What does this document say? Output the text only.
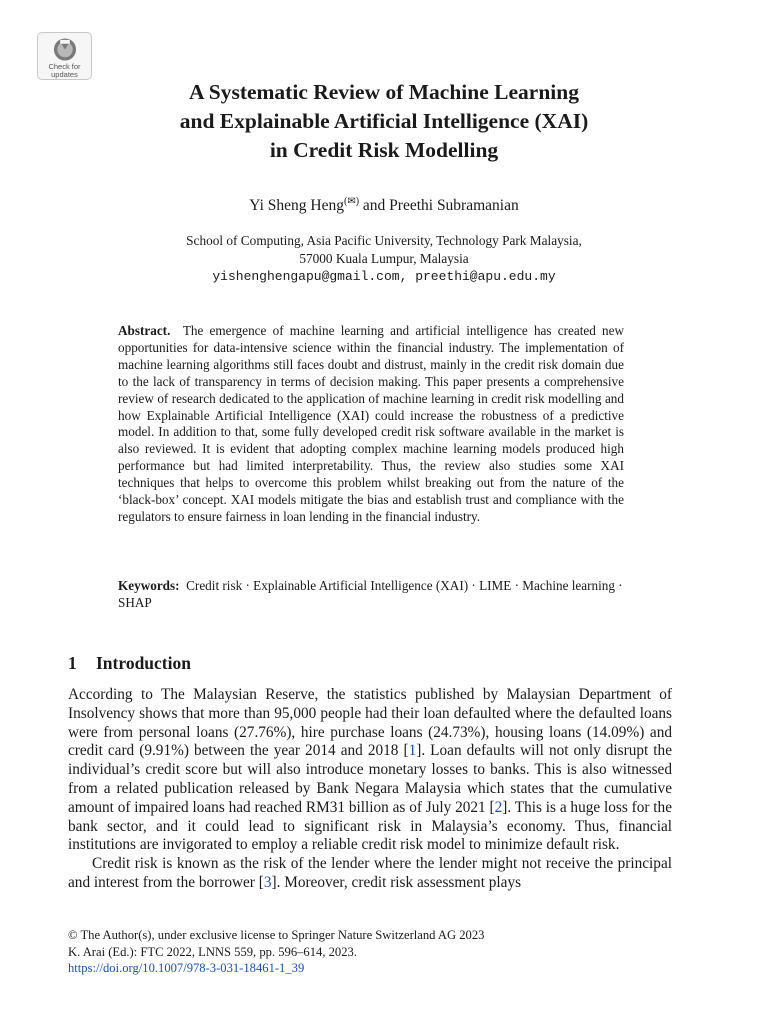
Check for
updates
A Systematic Review of Machine Learning
and Explainable Artificial Intelligence (XAI)
in Credit Risk Modelling
Yi Sheng Heng(✉) and Preethi Subramanian
School of Computing, Asia Pacific University, Technology Park Malaysia,
57000 Kuala Lumpur, Malaysia
yishenghengapu@gmail.com, preethi@apu.edu.my
Abstract. The emergence of machine learning and artificial intelligence has created new opportunities for data-intensive science within the financial industry. The implementation of machine learning algorithms still faces doubt and distrust, mainly in the credit risk domain due to the lack of transparency in terms of decision making. This paper presents a comprehensive review of research dedicated to the application of machine learning in credit risk modelling and how Explainable Artificial Intelligence (XAI) could increase the robustness of a predictive model. In addition to that, some fully developed credit risk software available in the market is also reviewed. It is evident that adopting complex machine learning models produced high performance but had limited interpretability. Thus, the review also studies some XAI techniques that helps to overcome this problem whilst breaking out from the nature of the ‘black-box’ concept. XAI models mitigate the bias and establish trust and compliance with the regulators to ensure fairness in loan lending in the financial industry.
Keywords: Credit risk · Explainable Artificial Intelligence (XAI) · LIME · Machine learning · SHAP
1 Introduction

According to The Malaysian Reserve, the statistics published by Malaysian Department of Insolvency shows that more than 95,000 people had their loan defaulted where the defaulted loans were from personal loans (27.76%), hire purchase loans (24.73%), housing loans (14.09%) and credit card (9.91%) between the year 2014 and 2018 [1]. Loan defaults will not only disrupt the individual’s credit score but will also introduce monetary losses to banks. This is also witnessed from a related publication released by Bank Negara Malaysia which states that the cumulative amount of impaired loans had reached RM31 billion as of July 2021 [2]. This is a huge loss for the bank sector, and it could lead to significant risk in Malaysia’s economy. Thus, financial institutions are invigorated to employ a reliable credit risk model to minimize default risk.

Credit risk is known as the risk of the lender where the lender might not receive the principal and interest from the borrower [3]. Moreover, credit risk assessment plays

© The Author(s), under exclusive license to Springer Nature Switzerland AG 2023
K. Arai (Ed.): FTC 2022, LNNS 559, pp. 596–614, 2023.
https://doi.org/10.1007/978-3-031-18461-1_39
